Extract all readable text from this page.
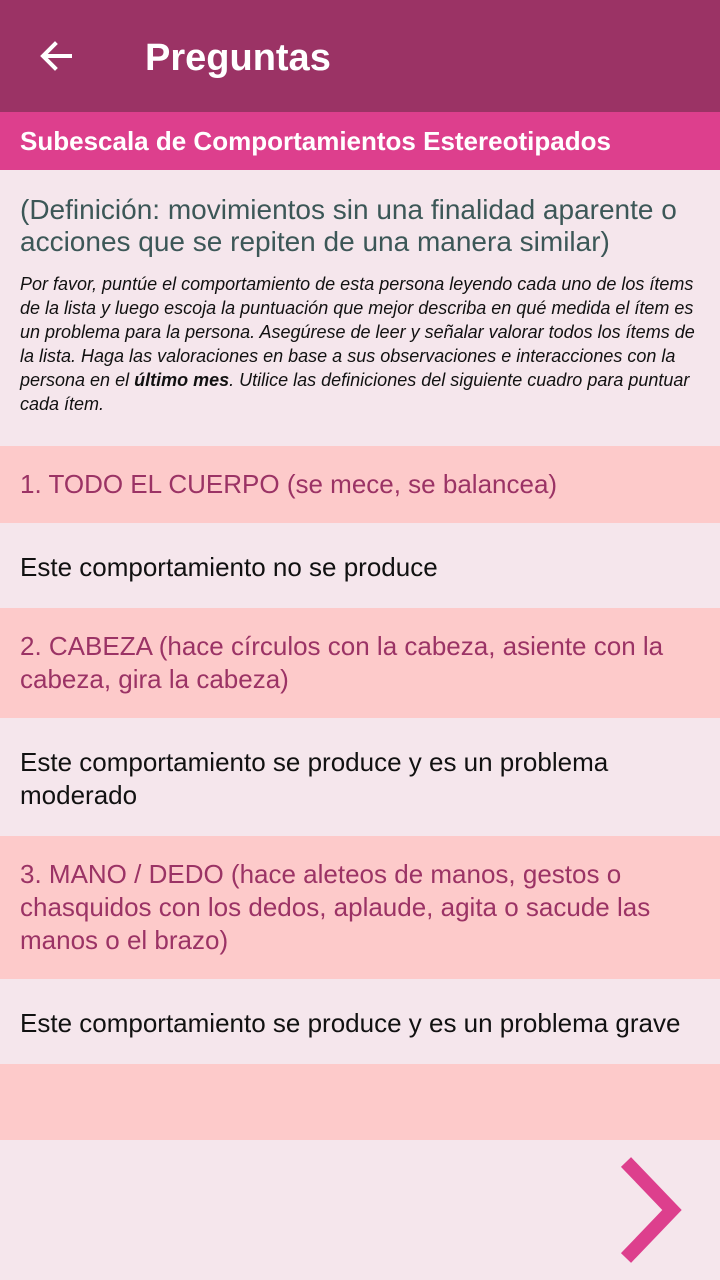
Preguntas
Subescala de Comportamientos Estereotipados

(Definición: movimientos sin una finalidad aparente o acciones que se repiten de una manera similar)

Por favor, puntúe el comportamiento de esta persona leyendo cada uno de los ítems de la lista y luego escoja la puntuación que mejor describa en qué medida el ítem es un problema para la persona. Asegúrese de leer y señalar valorar todos los ítems de la lista. Haga las valoraciones en base a sus observaciones e interacciones con la persona en el último mes. Utilice las definiciones del siguiente cuadro para puntuar cada ítem.

1. TODO EL CUERPO (se mece, se balancea)
Este comportamiento no se produce
2. CABEZA (hace círculos con la cabeza, asiente con la cabeza, gira la cabeza)
Este comportamiento se produce y es un problema moderado
3. MANO / DEDO (hace aleteos de manos, gestos o chasquidos con los dedos, aplaude, agita o sacude las manos o el brazo)
Este comportamiento se produce y es un problema grave
